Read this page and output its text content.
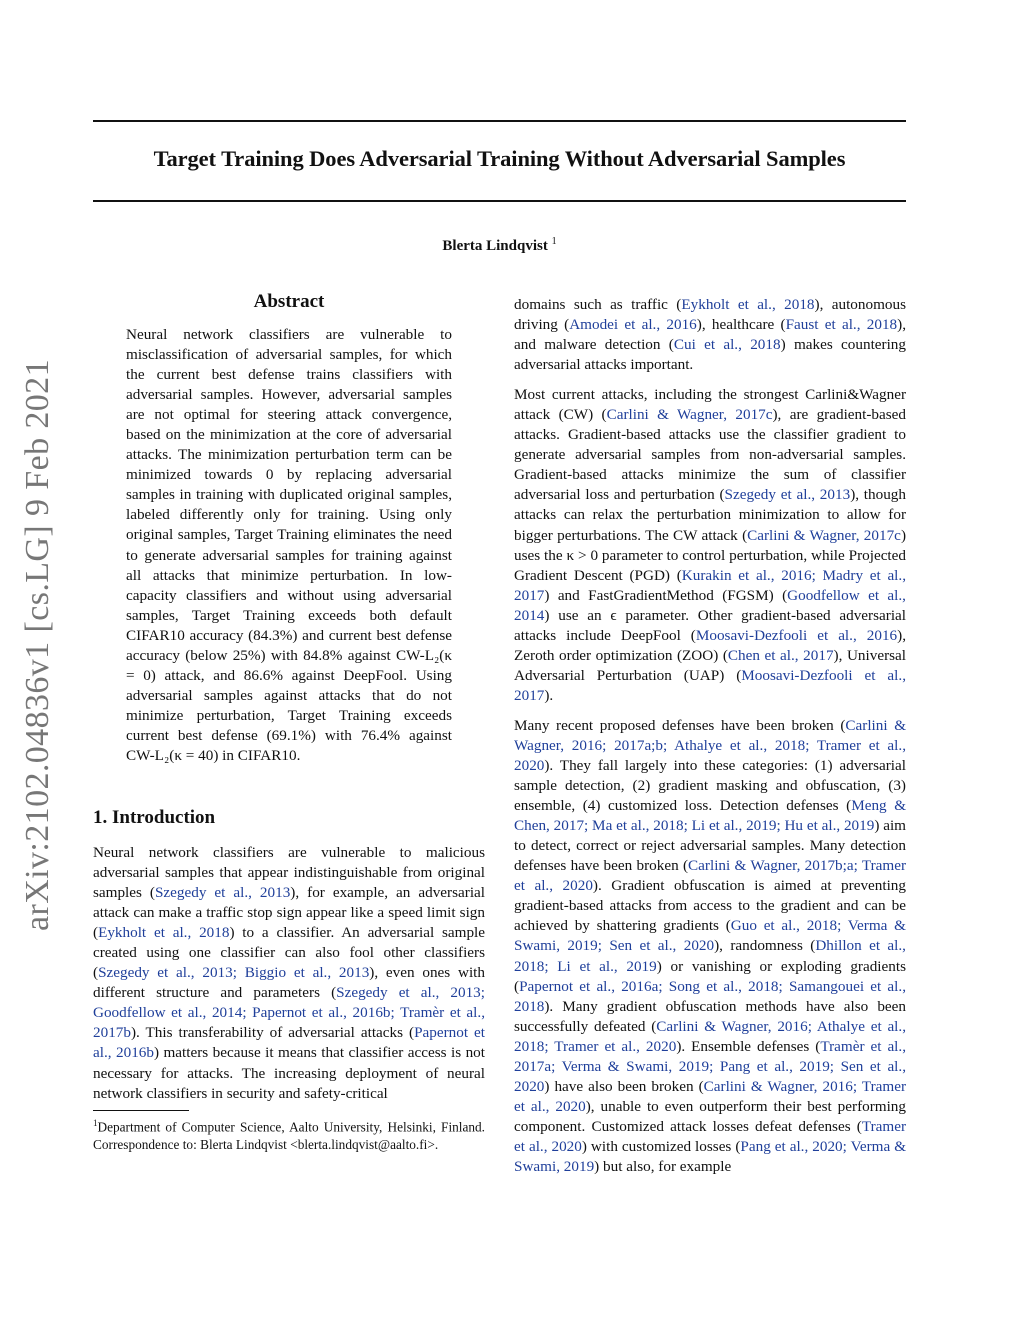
Target Training Does Adversarial Training Without Adversarial Samples
Blerta Lindqvist $^1$
arXiv:2102.04836v1 [cs.LG] 9 Feb 2021
Abstract
Neural network classifiers are vulnerable to misclassification of adversarial samples, for which the current best defense trains classifiers with adversarial samples. However, adversarial samples are not optimal for steering attack convergence, based on the minimization at the core of adversarial attacks. The minimization perturbation term can be minimized towards 0 by replacing adversarial samples in training with duplicated original samples, labeled differently only for training. Using only original samples, Target Training eliminates the need to generate adversarial samples for training against all attacks that minimize perturbation. In low-capacity classifiers and without using adversarial samples, Target Training exceeds both default CIFAR10 accuracy (84.3%) and current best defense accuracy (below 25%) with 84.8% against CW-L₂(κ = 0) attack, and 86.6% against DeepFool. Using adversarial samples against attacks that do not minimize perturbation, Target Training exceeds current best defense (69.1%) with 76.4% against CW-L₂(κ = 40) in CIFAR10.
1. Introduction
Neural network classifiers are vulnerable to malicious adversarial samples that appear indistinguishable from original samples (Szegedy et al., 2013), for example, an adversarial attack can make a traffic stop sign appear like a speed limit sign (Eykholt et al., 2018) to a classifier. An adversarial sample created using one classifier can also fool other classifiers (Szegedy et al., 2013; Biggio et al., 2013), even ones with different structure and parameters (Szegedy et al., 2013; Goodfellow et al., 2014; Papernot et al., 2016b; Tramèr et al., 2017b). This transferability of adversarial attacks (Papernot et al., 2016b) matters because it means that classifier access is not necessary for attacks. The increasing deployment of neural network classifiers in security and safety-critical
$^1$Department of Computer Science, Aalto University, Helsinki, Finland. Correspondence to: Blerta Lindqvist <blerta.lindqvist@aalto.fi>.

domains such as traffic (Eykholt et al., 2018), autonomous driving (Amodei et al., 2016), healthcare (Faust et al., 2018), and malware detection (Cui et al., 2018) makes countering adversarial attacks important.

Most current attacks, including the strongest Carlini&Wagner attack (CW) (Carlini & Wagner, 2017c), are gradient-based attacks. Gradient-based attacks use the classifier gradient to generate adversarial samples from non-adversarial samples. Gradient-based attacks minimize the sum of classifier adversarial loss and perturbation (Szegedy et al., 2013), though attacks can relax the perturbation minimization to allow for bigger perturbations. The CW attack (Carlini & Wagner, 2017c) uses the κ > 0 parameter to control perturbation, while Projected Gradient Descent (PGD) (Kurakin et al., 2016; Madry et al., 2017) and FastGradientMethod (FGSM) (Goodfellow et al., 2014) use an ϵ parameter. Other gradient-based adversarial attacks include DeepFool (Moosavi-Dezfooli et al., 2016), Zeroth order optimization (ZOO) (Chen et al., 2017), Universal Adversarial Perturbation (UAP) (Moosavi-Dezfooli et al., 2017).

Many recent proposed defenses have been broken (Carlini & Wagner, 2016; 2017a;b; Athalye et al., 2018; Tramer et al., 2020). They fall largely into these categories: (1) adversarial sample detection, (2) gradient masking and obfuscation, (3) ensemble, (4) customized loss. Detection defenses (Meng & Chen, 2017; Ma et al., 2018; Li et al., 2019; Hu et al., 2019) aim to detect, correct or reject adversarial samples. Many detection defenses have been broken (Carlini & Wagner, 2017b;a; Tramer et al., 2020). Gradient obfuscation is aimed at preventing gradient-based attacks from access to the gradient and can be achieved by shattering gradients (Guo et al., 2018; Verma & Swami, 2019; Sen et al., 2020), randomness (Dhillon et al., 2018; Li et al., 2019) or vanishing or exploding gradients (Papernot et al., 2016a; Song et al., 2018; Samangouei et al., 2018). Many gradient obfuscation methods have also been successfully defeated (Carlini & Wagner, 2016; Athalye et al., 2018; Tramer et al., 2020). Ensemble defenses (Tramèr et al., 2017a; Verma & Swami, 2019; Pang et al., 2019; Sen et al., 2020) have also been broken (Carlini & Wagner, 2016; Tramer et al., 2020), unable to even outperform their best performing component. Customized attack losses defeat defenses (Tramer et al., 2020) with customized losses (Pang et al., 2020; Verma & Swami, 2019) but also, for example
